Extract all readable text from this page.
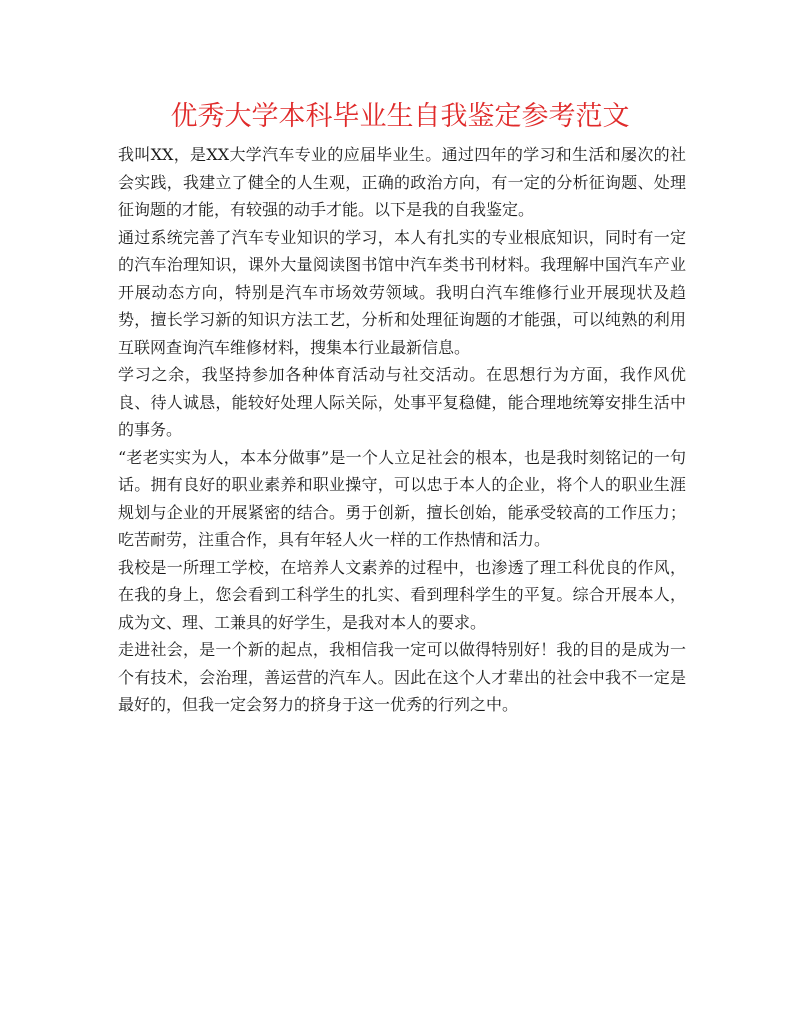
优秀大学本科毕业生自我鉴定参考范文

我叫XX，是XX大学汽车专业的应届毕业生。通过四年的学习和生活和屡次的社会实践，我建立了健全的人生观，正确的政治方向，有一定的分析征询题、处理征询题的才能，有较强的动手才能。以下是我的自我鉴定。

通过系统完善了汽车专业知识的学习，本人有扎实的专业根底知识，同时有一定的汽车治理知识，课外大量阅读图书馆中汽车类书刊材料。我理解中国汽车产业开展动态方向，特别是汽车市场效劳领域。我明白汽车维修行业开展现状及趋势，擅长学习新的知识方法工艺，分析和处理征询题的才能强，可以纯熟的利用互联网查询汽车维修材料，搜集本行业最新信息。

学习之余，我坚持参加各种体育活动与社交活动。在思想行为方面，我作风优良、待人诚恳，能较好处理人际关际，处事平复稳健，能合理地统筹安排生活中的事务。

“老老实实为人，本本分做事”是一个人立足社会的根本，也是我时刻铭记的一句话。拥有良好的职业素养和职业操守，可以忠于本人的企业，将个人的职业生涯规划与企业的开展紧密的结合。勇于创新，擅长创始，能承受较高的工作压力；吃苦耐劳，注重合作，具有年轻人火一样的工作热情和活力。

我校是一所理工学校，在培养人文素养的过程中，也渗透了理工科优良的作风，在我的身上，您会看到工科学生的扎实、看到理科学生的平复。综合开展本人，成为文、理、工兼具的好学生，是我对本人的要求。

走进社会，是一个新的起点，我相信我一定可以做得特别好！我的目的是成为一个有技术，会治理，善运营的汽车人。因此在这个人才辈出的社会中我不一定是最好的，但我一定会努力的挤身于这一优秀的行列之中。
